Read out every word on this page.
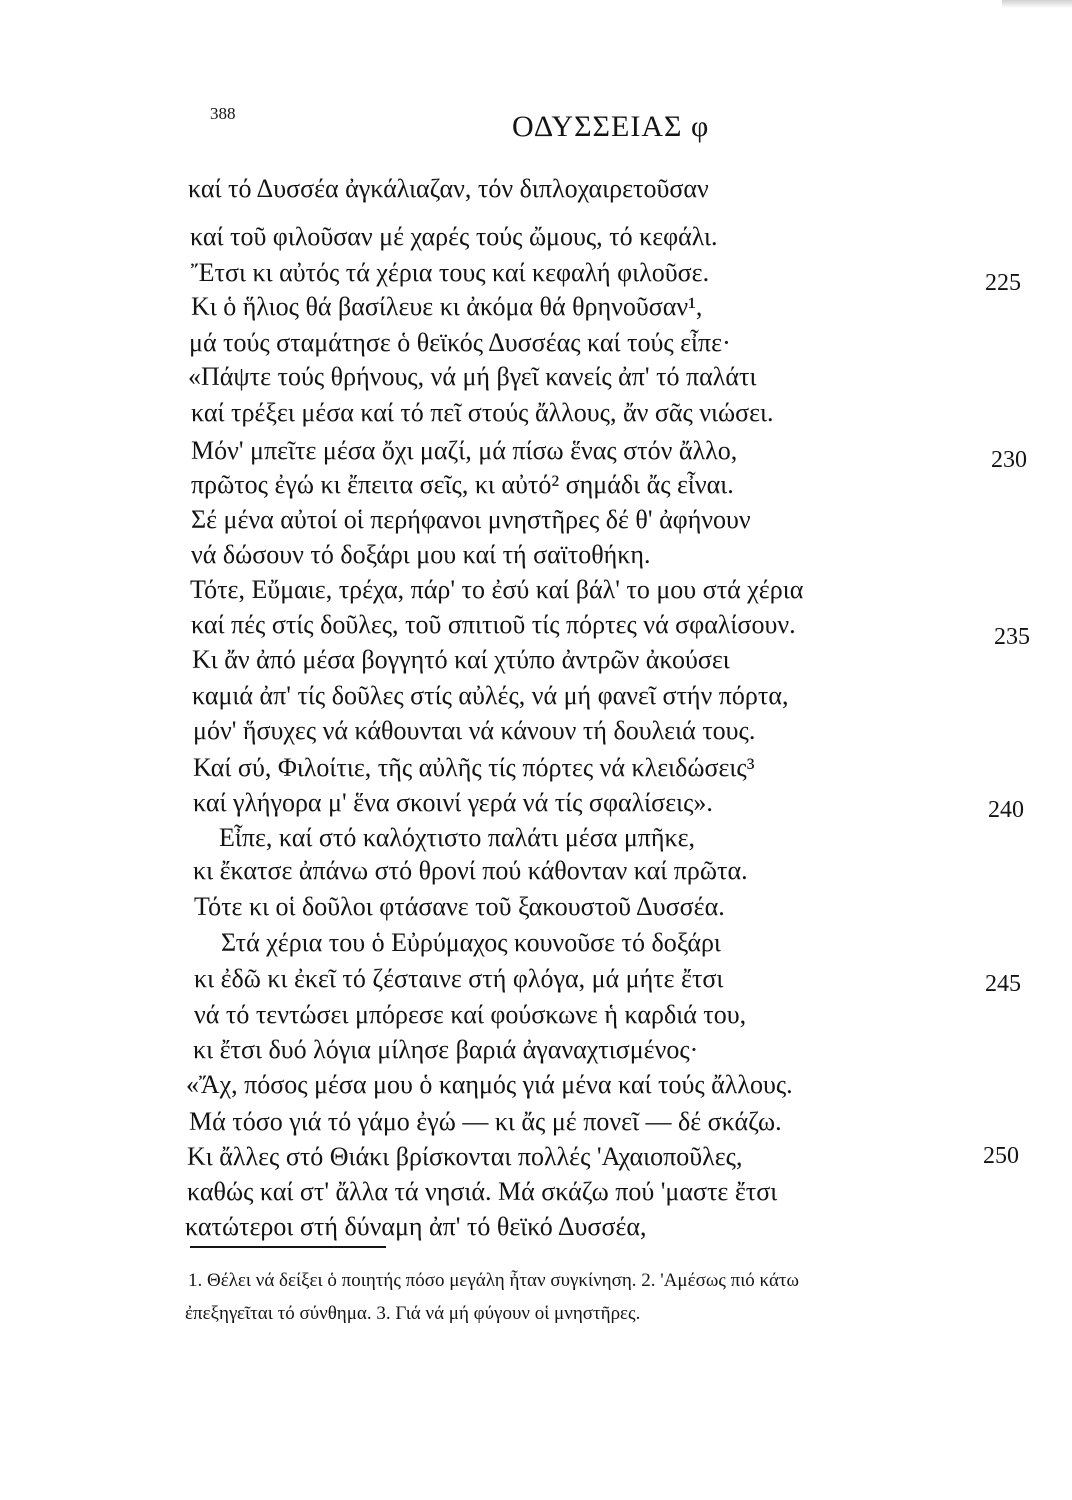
388	ΟΔΥΣΣΕΙΑΣ φ
καί τό Δυσσέα ἀγκάλιαζαν, τόν διπλοχαιρετοῦσαν
καί τοῦ φιλοῦσαν μέ χαρές τούς ὤμους, τό κεφάλι.
Ἔτσι κι αὐτός τά χέρια τους καί κεφαλή φιλοῦσε.
Κι ὁ ἥλιος θά βασίλευε κι ἀκόμα θά θρηνοῦσαν¹,
μά τούς σταμάτησε ὁ θεϊκός Δυσσέας καί τούς εἶπε·
«Πάψτε τούς θρήνους, νά μή βγεῖ κανείς ἀπ' τό παλάτι
καί τρέξει μέσα καί τό πεῖ στούς ἄλλους, ἄν σᾶς νιώσει.
Μόν' μπεῖτε μέσα ὄχι μαζί, μά πίσω ἕνας στόν ἄλλο,
πρῶτος ἐγώ κι ἔπειτα σεῖς, κι αὐτό² σημάδι ἄς εἶναι.
Σέ μένα αὐτοί οἱ περήφανοι μνηστῆρες δέ θ' ἀφήνουν
νά δώσουν τό δοξάρι μου καί τή σαϊτοθήκη.
Τότε, Εὔμαιε, τρέχα, πάρ' το ἐσύ καί βάλ' το μου στά χέρια
καί πές στίς δοῦλες, τοῦ σπιτιοῦ τίς πόρτες νά σφαλίσουν.
Κι ἄν ἀπό μέσα βογγητό καί χτύπο ἀντρῶν ἀκούσει
καμιά ἀπ' τίς δοῦλες στίς αὐλές, νά μή φανεῖ στήν πόρτα,
μόν' ἥσυχες νά κάθουνται νά κάνουν τή δουλειά τους.
Καί σύ, Φιλοίτιε, τῆς αὐλῆς τίς πόρτες νά κλειδώσεις³
καί γλήγορα μ' ἕνα σκοινί γερά νά τίς σφαλίσεις».
Εἶπε, καί στό καλόχτιστο παλάτι μέσα μπῆκε,
κι ἔκατσε ἀπάνω στό θρονί πού κάθονταν καί πρῶτα.
Τότε κι οἱ δοῦλοι φτάσανε τοῦ ξακουστοῦ Δυσσέα.
Στά χέρια του ὁ Εὐρύμαχος κουνοῦσε τό δοξάρι
κι ἐδῶ κι ἐκεῖ τό ζέσταινε στή φλόγα, μά μήτε ἔτσι
νά τό τεντώσει μπόρεσε καί φούσκωνε ἡ καρδιά του,
κι ἔτσι δυό λόγια μίλησε βαριά ἀγαναχτισμένος·
«Ἄχ, πόσος μέσα μου ὁ καημός γιά μένα καί τούς ἄλλους.
Μά τόσο γιά τό γάμο ἐγώ — κι ἄς μέ πονεῖ — δέ σκάζω.
Κι ἄλλες στό Θιάκι βρίσκονται πολλές 'Αχαιοποῦλες,
καθώς καί στ' ἄλλα τά νησιά. Μά σκάζω πού 'μαστε ἔτσι
κατώτεροι στή δύναμη ἀπ' τό θεϊκό Δυσσέα,
225
230
235
240
245
250
1. Θέλει νά δείξει ὁ ποιητής πόσο μεγάλη ἦταν συγκίνηση. 2. 'Αμέσως πιό κάτω
ἐπεξηγεῖται τό σύνθημα. 3. Γιά νά μή φύγουν οἱ μνηστῆρες.
